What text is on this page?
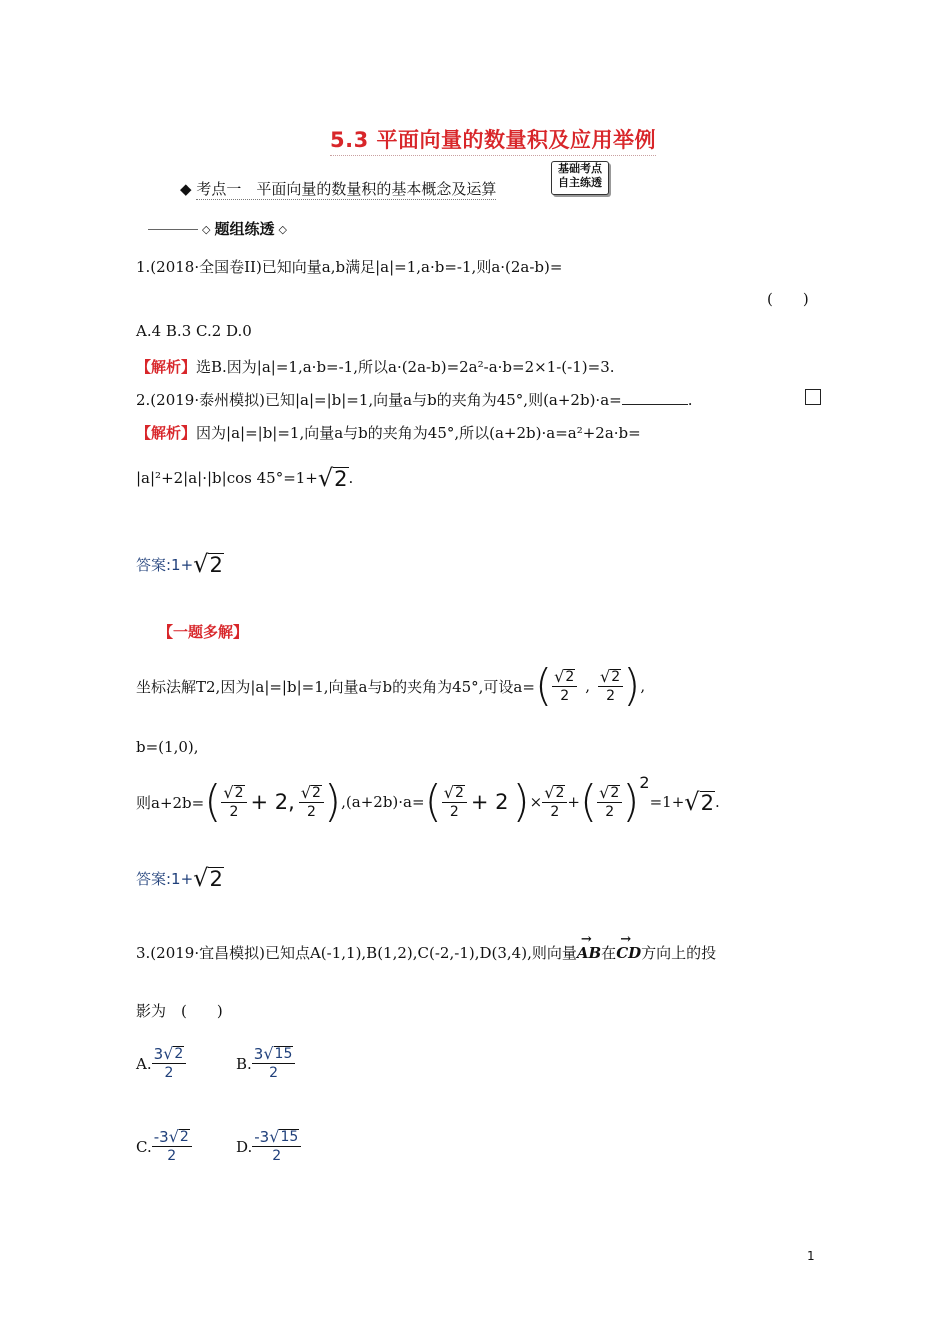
5.3 平面向量的数量积及应用举例
◆ 考点一　平面向量的数量积的基本概念及运算
基础考点
自主练透
◇ 题组练透 ◇
1.(2018·全国卷II)已知向量a,b满足|a|=1,a·b=-1,则a·(2a-b)=
(　　)
A.4 B.3 C.2 D.0
【解析】选B.因为|a|=1,a·b=-1,所以a·(2a-b)=2a²-a·b=2×1-(-1)=3.
2.(2019·泰州模拟)已知|a|=|b|=1,向量a与b的夹角为45°,则(a+2b)·a=	.
【解析】因为|a|=|b|=1,向量a与b的夹角为45°,所以(a+2b)·a=a²+2a·b=
|a|²+2|a|·|b|cos 45°=1+ √ 2 .
答案:1+ √ 2
【一题多解】
坐标法解T2,因为|a|=|b|=1,向量a与b的夹角为45°,可设a= ( $\frac{√ 2}{2}$ , $\frac{√ 2}{2}$ ) ,
b=(1,0),
则a+2b= ( $\frac{√ 2}{2} + 2$, $\frac{√ 2}{2}$ ) ,(a+2b)·a= ( $\frac{√ 2}{2} + 2$ ) × $\frac{√ 2}{2}$ + ( $\frac{√ 2}{2}$ ) 2
=1+ √ 2 .
答案:1+ √ 2
3.(2019·宜昌模拟)已知点A(-1,1),B(1,2),C(-2,-1),D(3,4),则向量→ AB在→ CD方向上的投
影为　(　　)
A. $\frac{3 √ 2}{2}$	B. $\frac{3 √ 15}{2}$
C. $\frac{-3 √ 2}{2}$	D. $\frac{-3 √ 15}{2}$
1
